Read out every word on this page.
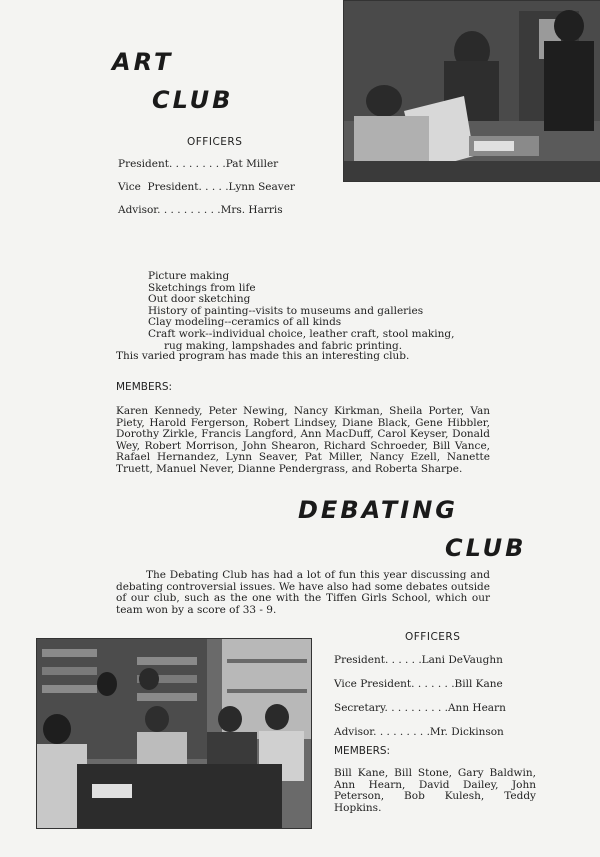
ART
CLUB
OFFICERS
President. . . . . . . . .Pat Miller
Vice  President. . . . .Lynn Seaver
Advisor. . . . . . . . . .Mrs. Harris
Picture making
Sketchings from life
Out door sketching
History of painting--visits to museums and galleries
Clay modeling--ceramics of all kinds
Craft work--individual choice, leather craft, stool making,
rug making, lampshades and fabric printing.
This varied program has made this an interesting club.
MEMBERS:
Karen Kennedy, Peter Newing, Nancy Kirkman, Sheila Porter, Van Piety, Harold Fergerson, Robert Lindsey, Diane Black, Gene Hibbler, Dorothy Zirkle, Francis Langford, Ann MacDuff, Carol Keyser, Donald Wey, Robert Morrison, John Shearon, Richard Schroeder, Bill Vance, Rafael Hernandez, Lynn Seaver, Pat Miller, Nancy Ezell, Nanette Truett, Manuel Never, Dianne Pendergrass, and Roberta Sharpe.
DEBATING
CLUB
The Debating Club has had a lot of fun this year discussing and debating controversial issues. We have also had some debates outside of our club, such as the one with the Tiffen Girls School, which our team won by a score of 33 - 9.
OFFICERS
President. . . . . .Lani DeVaughn
Vice President. . . . . . .Bill Kane
Secretary. . . . . . . . . .Ann Hearn
Advisor. . . . . . . . .Mr. Dickinson
MEMBERS:
Bill Kane, Bill Stone, Gary Baldwin, Ann Hearn, David Dailey, John Peterson, Bob Kulesh, Teddy Hopkins.
